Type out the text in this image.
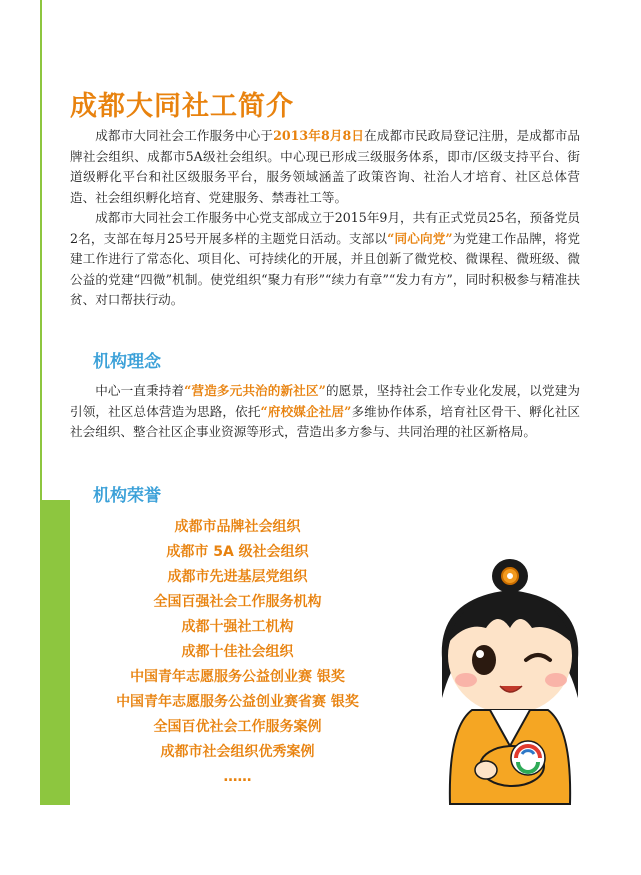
成都大同社工简介

成都市大同社会工作服务中心于2013年8月8日在成都市民政局登记注册，是成都市品牌社会组织、成都市5A级社会组织。中心现已形成三级服务体系，即市/区级支持平台、街道级孵化平台和社区级服务平台，服务领域涵盖了政策咨询、社治人才培育、社区总体营造、社会组织孵化培育、党建服务、禁毒社工等。

成都市大同社会工作服务中心党支部成立于2015年9月，共有正式党员25名，预备党员2名，支部在每月25号开展多样的主题党日活动。支部以“同心向党”为党建工作品牌，将党建工作进行了常态化、项目化、可持续化的开展，并且创新了微党校、微课程、微班级、微公益的党建“四微”机制。使党组织“聚力有形”“续力有章”“发力有方”，同时积极参与精准扶贫、对口帮扶行动。

机构理念

中心一直秉持着“营造多元共治的新社区”的愿景，坚持社会工作专业化发展，以党建为引领，社区总体营造为思路，依托“府校媒企社居”多维协作体系，培育社区骨干、孵化社区社会组织、整合社区企事业资源等形式，营造出多方参与、共同治理的社区新格局。

机构荣誉
成都市品牌社会组织
成都市 5A 级社会组织
成都市先进基层党组织
全国百强社会工作服务机构
成都十强社工机构
成都十佳社会组织
中国青年志愿服务公益创业赛 银奖
中国青年志愿服务公益创业赛省赛 银奖
全国百优社会工作服务案例
成都市社会组织优秀案例
……
